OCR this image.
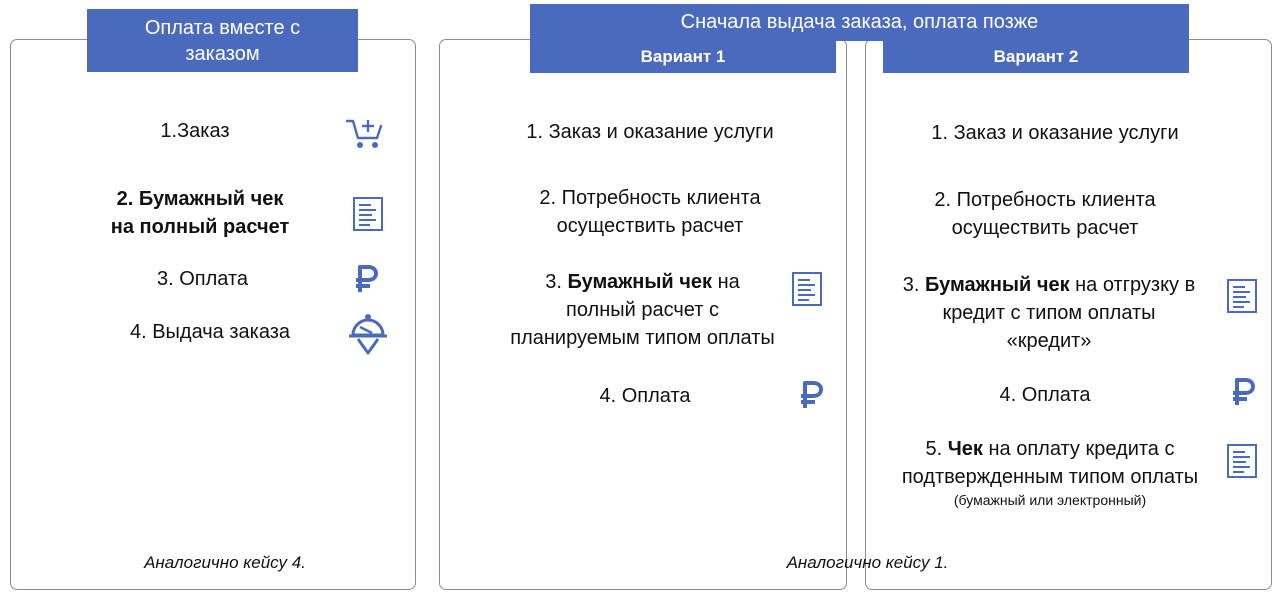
Оплата вместе с заказом
1.Заказ
2. Бумажный чек
на полный расчет
3. Оплата
4. Выдача заказа
Аналогично кейсу 4.
Сначала выдача заказа, оплата позже
Вариант 1	Вариант 2
1. Заказ и оказание услуги
2. Потребность клиента
осуществить расчет
3. Бумажный чек на
полный расчет с
планируемым типом оплаты
4. Оплата
1. Заказ и оказание услуги
2. Потребность клиента
осуществить расчет
3. Бумажный чек на отгрузку в
кредит с типом оплаты
«кредит»
4. Оплата
5. Чек на оплату кредита с
подтвержденным типом оплаты
(бумажный или электронный)
Аналогично кейсу 1.
